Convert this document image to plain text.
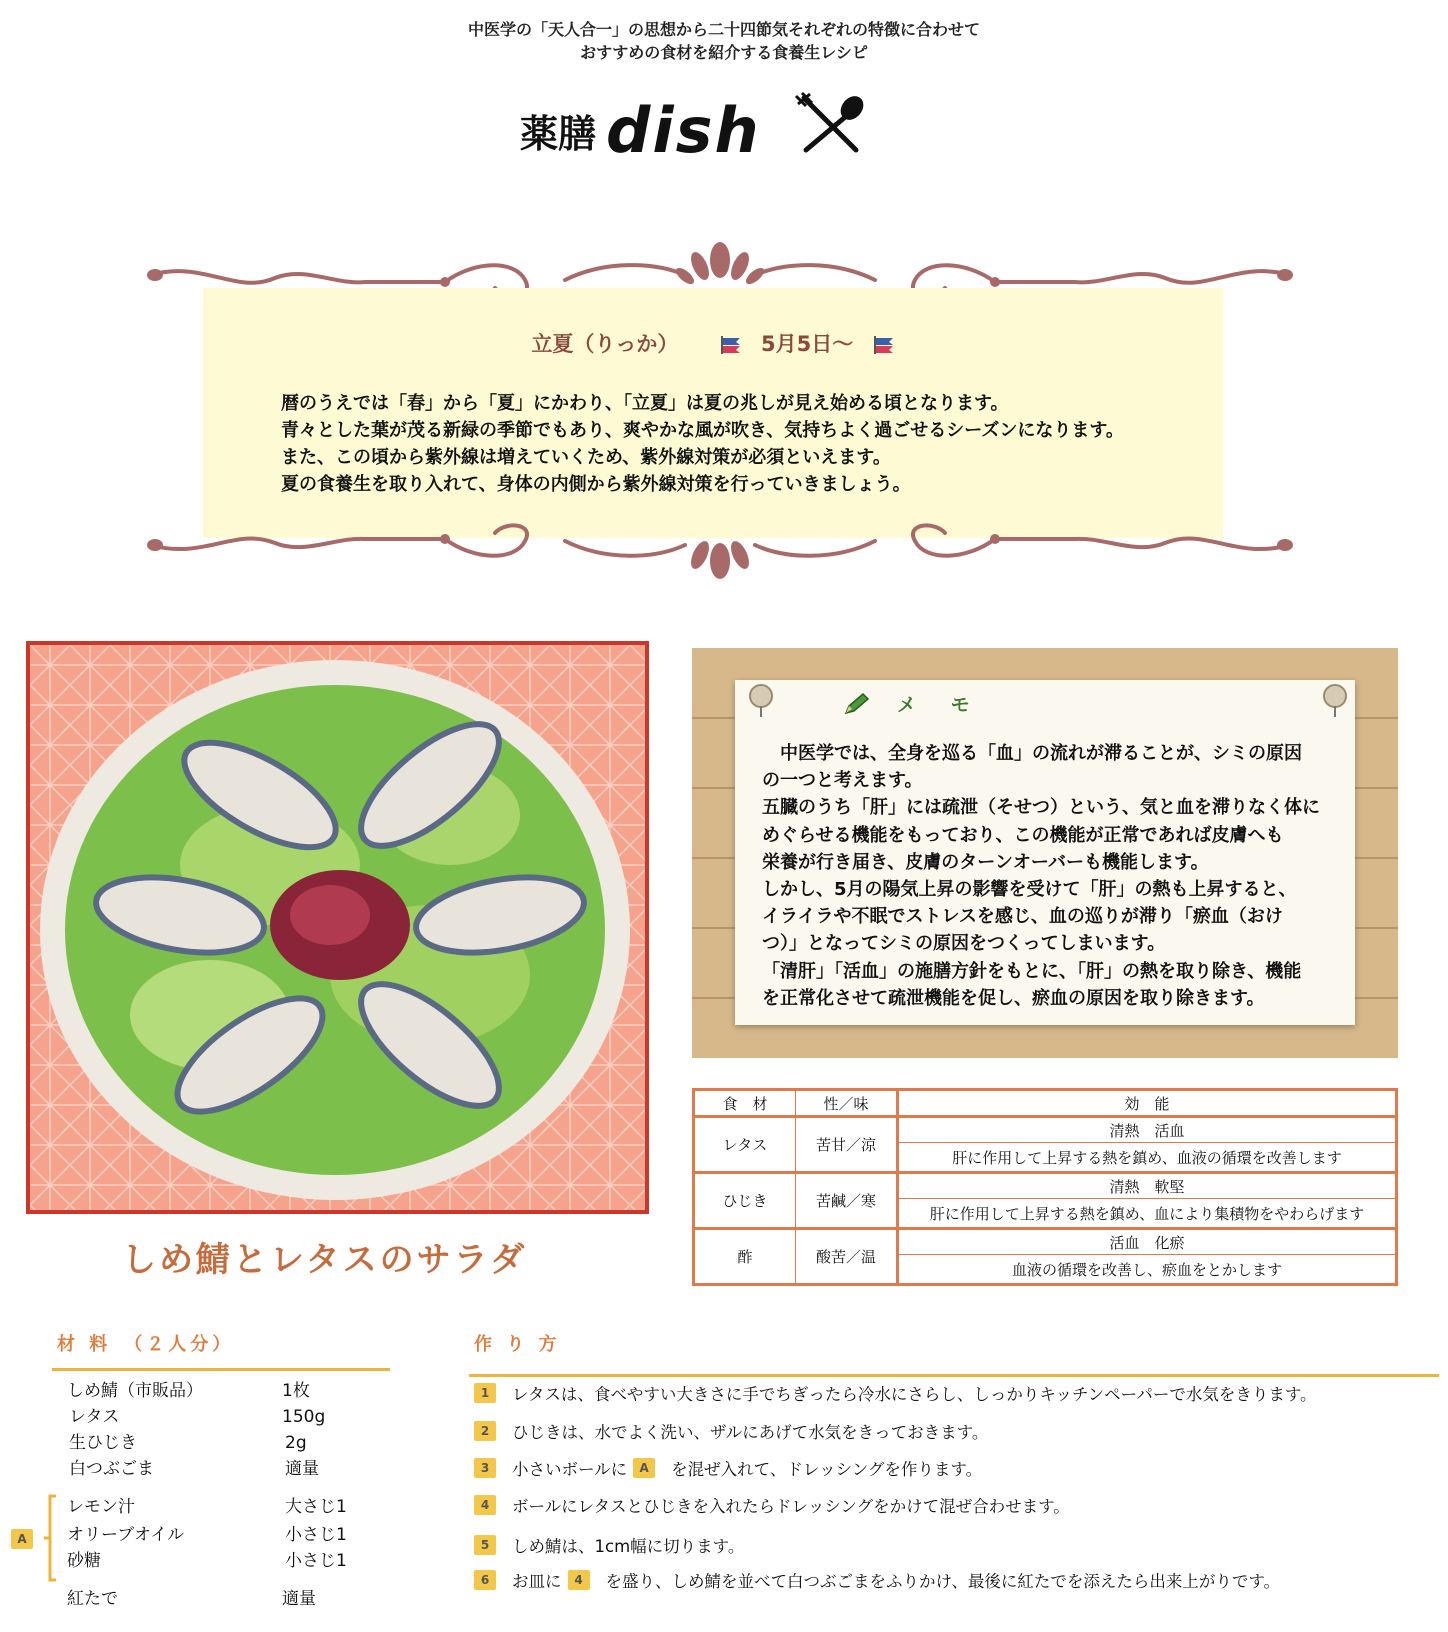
中医学の「天人合一」の思想から二十四節気それぞれの特徴に合わせて
おすすめの食材を紹介する食養生レシピ
薬膳 dish
立夏（りっか）	5月5日～
暦のうえでは「春」から「夏」にかわり、「立夏」は夏の兆しが見え始める頃となります。
青々とした葉が茂る新緑の季節でもあり、爽やかな風が吹き、気持ちよく過ごせるシーズンになります。
また、この頃から紫外線は増えていくため、紫外線対策が必須といえます。
夏の食養生を取り入れて、身体の内側から紫外線対策を行っていきましょう。
しめ鯖とレタスのサラダ
メ モ
　中医学では、全身を巡る「血」の流れが滞ることが、シミの原因
の一つと考えます。
五臓のうち「肝」には疏泄（そせつ）という、気と血を滞りなく体に
めぐらせる機能をもっており、この機能が正常であれば皮膚へも
栄養が行き届き、皮膚のターンオーバーも機能します。
しかし、5月の陽気上昇の影響を受けて「肝」の熱も上昇すると、
イライラや不眠でストレスを感じ、血の巡りが滞り「瘀血（おけ
つ）」となってシミの原因をつくってしまいます。
「清肝」「活血」の施膳方針をもとに、「肝」の熱を取り除き、機能
を正常化させて疏泄機能を促し、瘀血の原因を取り除きます。
食　材	性／味	効　能
レタス	苦甘／涼	清熱　活血
		肝に作用して上昇する熱を鎮め、血液の循環を改善します
ひじき	苦鹹／寒	清熱　軟堅
		肝に作用して上昇する熱を鎮め、血により集積物をやわらげます
酢	酸苦／温	活血　化瘀
		血液の循環を改善し、瘀血をとかします
材 料　（２人分）
しめ鯖（市販品）	1枚
レタス	150g
生ひじき	2g
白つぶごま	適量
レモン汁	大さじ1
オリーブオイル	小さじ1
砂糖	小さじ1
紅たで	適量
A
作 り 方
1	レタスは、食べやすい大きさに手でちぎったら冷水にさらし、しっかりキッチンペーパーで水気をきります。
2	ひじきは、水でよく洗い、ザルにあげて水気をきっておきます。
3	小さいボールに	A	を混ぜ入れて、ドレッシングを作ります。
4	ボールにレタスとひじきを入れたらドレッシングをかけて混ぜ合わせます。
5	しめ鯖は、1cm幅に切ります。
6	お皿に	4	を盛り、しめ鯖を並べて白つぶごまをふりかけ、最後に紅たでを添えたら出来上がりです。
